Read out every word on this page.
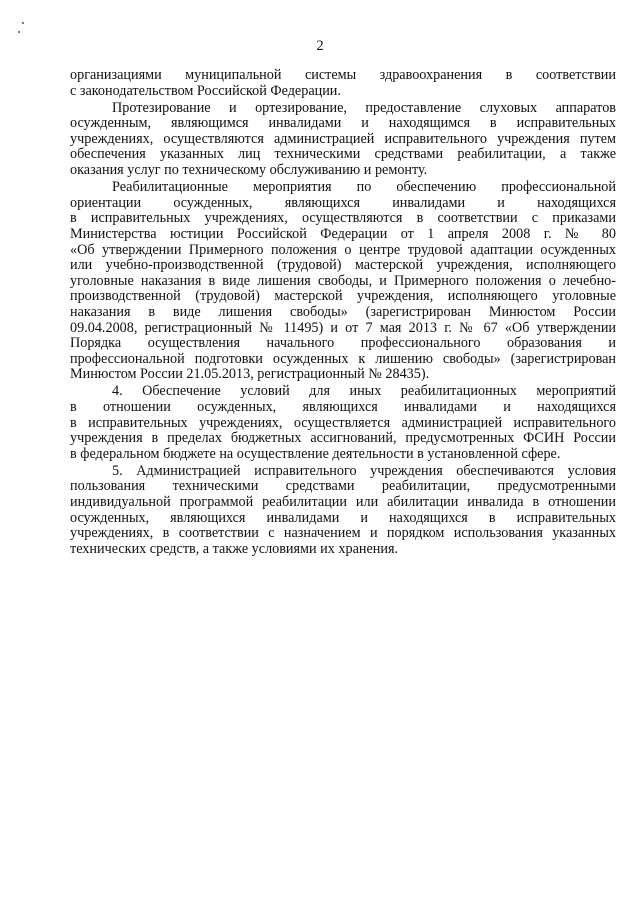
2
организациями муниципальной системы здравоохранения в соответствии
с законодательством Российской Федерации.
Протезирование и ортезирование, предоставление слуховых аппаратов
осужденным, являющимся инвалидами и находящимся в исправительных
учреждениях, осуществляются администрацией исправительного учреждения путем
обеспечения указанных лиц техническими средствами реабилитации, а также
оказания услуг по техническому обслуживанию и ремонту.
Реабилитационные мероприятия по обеспечению профессиональной
ориентации осужденных, являющихся инвалидами и находящихся
в исправительных учреждениях, осуществляются в соответствии с приказами
Министерства юстиции Российской Федерации от 1 апреля 2008 г. № 80
«Об утверждении Примерного положения о центре трудовой адаптации осужденных
или учебно-производственной (трудовой) мастерской учреждения, исполняющего
уголовные наказания в виде лишения свободы, и Примерного положения о лечебно-
производственной (трудовой) мастерской учреждения, исполняющего уголовные
наказания в виде лишения свободы» (зарегистрирован Минюстом России
09.04.2008, регистрационный № 11495) и от 7 мая 2013 г. № 67 «Об утверждении
Порядка осуществления начального профессионального образования и
профессиональной подготовки осужденных к лишению свободы» (зарегистрирован
Минюстом России 21.05.2013, регистрационный № 28435).
4. Обеспечение условий для иных реабилитационных мероприятий
в отношении осужденных, являющихся инвалидами и находящихся
в исправительных учреждениях, осуществляется администрацией исправительного
учреждения в пределах бюджетных ассигнований, предусмотренных ФСИН России
в федеральном бюджете на осуществление деятельности в установленной сфере.
5. Администрацией исправительного учреждения обеспечиваются условия
пользования техническими средствами реабилитации, предусмотренными
индивидуальной программой реабилитации или абилитации инвалида в отношении
осужденных, являющихся инвалидами и находящихся в исправительных
учреждениях, в соответствии с назначением и порядком использования указанных
технических средств, а также условиями их хранения.
